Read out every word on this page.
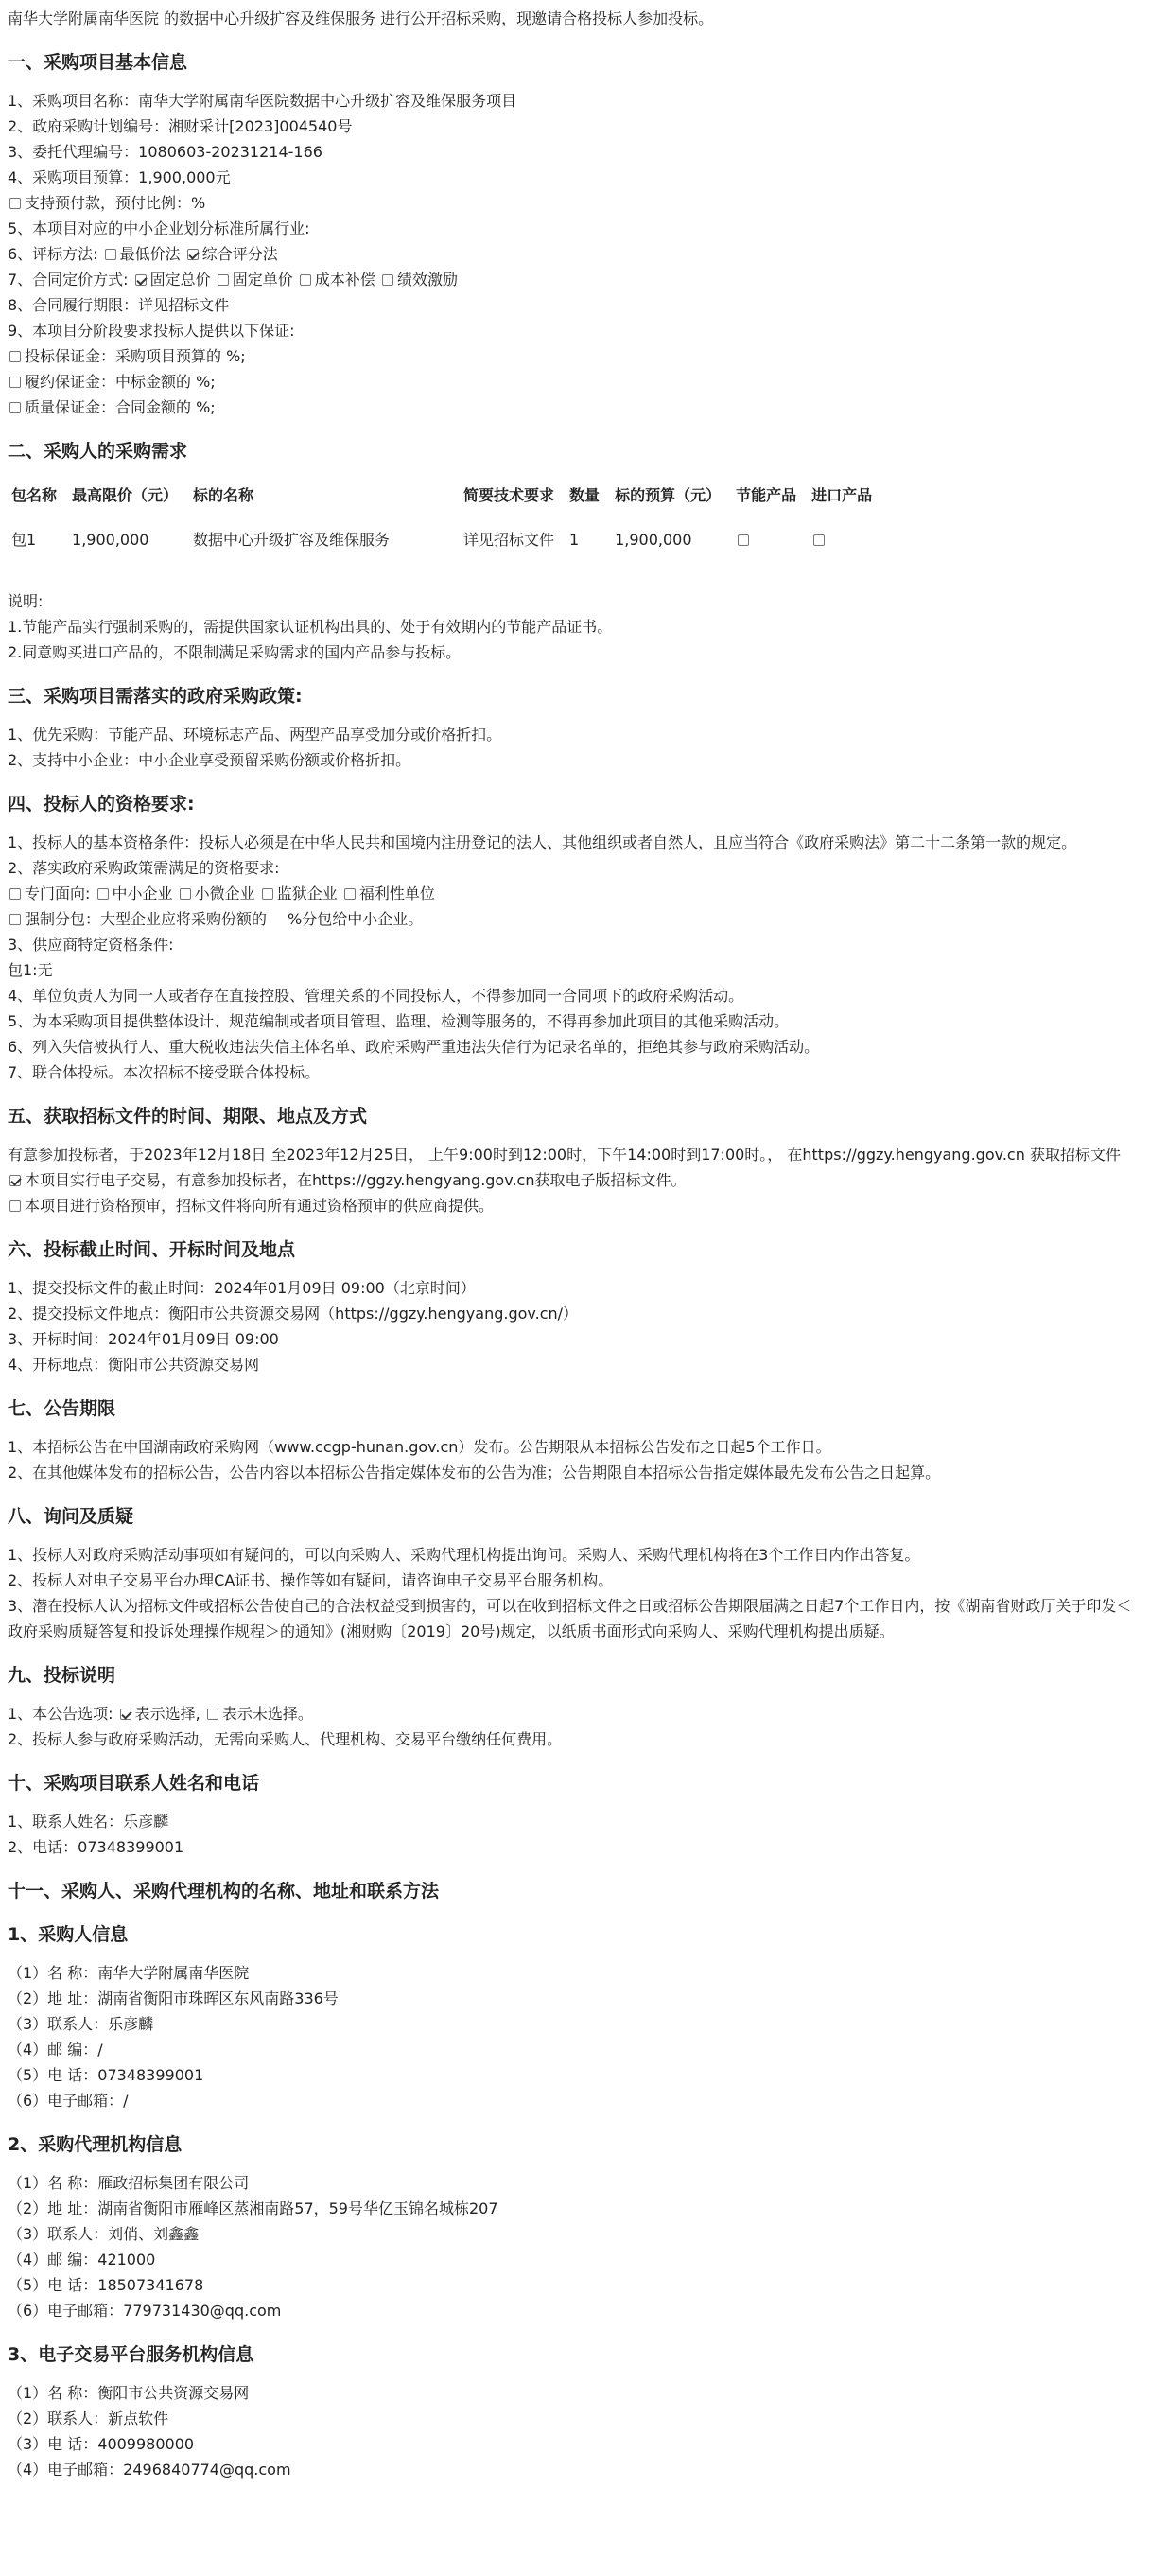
南华大学附属南华医院 的数据中心升级扩容及维保服务 进行公开招标采购，现邀请合格投标人参加投标。
一、采购项目基本信息
1、采购项目名称：南华大学附属南华医院数据中心升级扩容及维保服务项目
2、政府采购计划编号：湘财采计[2023]004540号
3、委托代理编号：1080603-20231214-166
4、采购项目预算：1,900,000元
支持预付款，预付比例：%
5、本项目对应的中小企业划分标准所属行业:
6、评标方法: 最低价法 综合评分法
7、合同定价方式: 固定总价 固定单价 成本补偿 绩效激励
8、合同履行期限：详见招标文件
9、本项目分阶段要求投标人提供以下保证:
投标保证金：采购项目预算的 %;
履约保证金：中标金额的 %;
质量保证金：合同金额的 %;
二、采购人的采购需求
包名称	最高限价（元）	标的名称	简要技术要求	数量	标的预算（元）	节能产品	进口产品
包1	1,900,000	数据中心升级扩容及维保服务	详见招标文件	1	1,900,000		
说明:
1.节能产品实行强制采购的，需提供国家认证机构出具的、处于有效期内的节能产品证书。
2.同意购买进口产品的，不限制满足采购需求的国内产品参与投标。
三、采购项目需落实的政府采购政策:
1、优先采购：节能产品、环境标志产品、两型产品享受加分或价格折扣。
2、支持中小企业：中小企业享受预留采购份额或价格折扣。
四、投标人的资格要求:
1、投标人的基本资格条件：投标人必须是在中华人民共和国境内注册登记的法人、其他组织或者自然人，且应当符合《政府采购法》第二十二条第一款的规定。
2、落实政府采购政策需满足的资格要求:
专门面向: 中小企业 小微企业 监狱企业 福利性单位
强制分包：大型企业应将采购份额的 %分包给中小企业。
3、供应商特定资格条件:
包1:无
4、单位负责人为同一人或者存在直接控股、管理关系的不同投标人，不得参加同一合同项下的政府采购活动。
5、为本采购项目提供整体设计、规范编制或者项目管理、监理、检测等服务的，不得再参加此项目的其他采购活动。
6、列入失信被执行人、重大税收违法失信主体名单、政府采购严重违法失信行为记录名单的，拒绝其参与政府采购活动。
7、联合体投标。本次招标不接受联合体投标。
五、获取招标文件的时间、期限、地点及方式
有意参加投标者，于2023年12月18日 至2023年12月25日， 上午9:00时到12:00时，下午14:00时到17:00时。， 在https://ggzy.hengyang.gov.cn 获取招标文件
本项目实行电子交易，有意参加投标者，在https://ggzy.hengyang.gov.cn获取电子版招标文件。
本项目进行资格预审，招标文件将向所有通过资格预审的供应商提供。
六、投标截止时间、开标时间及地点
1、提交投标文件的截止时间：2024年01月09日 09:00（北京时间）
2、提交投标文件地点：衡阳市公共资源交易网（https://ggzy.hengyang.gov.cn/）
3、开标时间：2024年01月09日 09:00
4、开标地点：衡阳市公共资源交易网
七、公告期限
1、本招标公告在中国湖南政府采购网（www.ccgp-hunan.gov.cn）发布。公告期限从本招标公告发布之日起5个工作日。
2、在其他媒体发布的招标公告，公告内容以本招标公告指定媒体发布的公告为准；公告期限自本招标公告指定媒体最先发布公告之日起算。
八、询问及质疑
1、投标人对政府采购活动事项如有疑问的，可以向采购人、采购代理机构提出询问。采购人、采购代理机构将在3个工作日内作出答复。
2、投标人对电子交易平台办理CA证书、操作等如有疑问，请咨询电子交易平台服务机构。
3、潜在投标人认为招标文件或招标公告使自己的合法权益受到损害的，可以在收到招标文件之日或招标公告期限届满之日起7个工作日内，按《湖南省财政厅关于印发＜政府采购质疑答复和投诉处理操作规程＞的通知》(湘财购〔2019〕20号)规定，以纸质书面形式向采购人、采购代理机构提出质疑。
九、投标说明
1、本公告选项: 表示选择, 表示未选择。
2、投标人参与政府采购活动，无需向采购人、代理机构、交易平台缴纳任何费用。
十、采购项目联系人姓名和电话
1、联系人姓名：乐彦麟
2、电话：07348399001
十一、采购人、采购代理机构的名称、地址和联系方法
1、采购人信息
（1）名 称：南华大学附属南华医院
（2）地 址：湖南省衡阳市珠晖区东风南路336号
（3）联系人：乐彦麟
（4）邮 编：/
（5）电 话：07348399001
（6）电子邮箱：/
2、采购代理机构信息
（1）名 称：雁政招标集团有限公司
（2）地 址：湖南省衡阳市雁峰区蒸湘南路57，59号华亿玉锦名城栋207
（3）联系人：刘俏、刘鑫鑫
（4）邮 编：421000
（5）电 话：18507341678
（6）电子邮箱：779731430@qq.com
3、电子交易平台服务机构信息
（1）名 称：衡阳市公共资源交易网
（2）联系人：新点软件
（3）电 话：4009980000
（4）电子邮箱：2496840774@qq.com
